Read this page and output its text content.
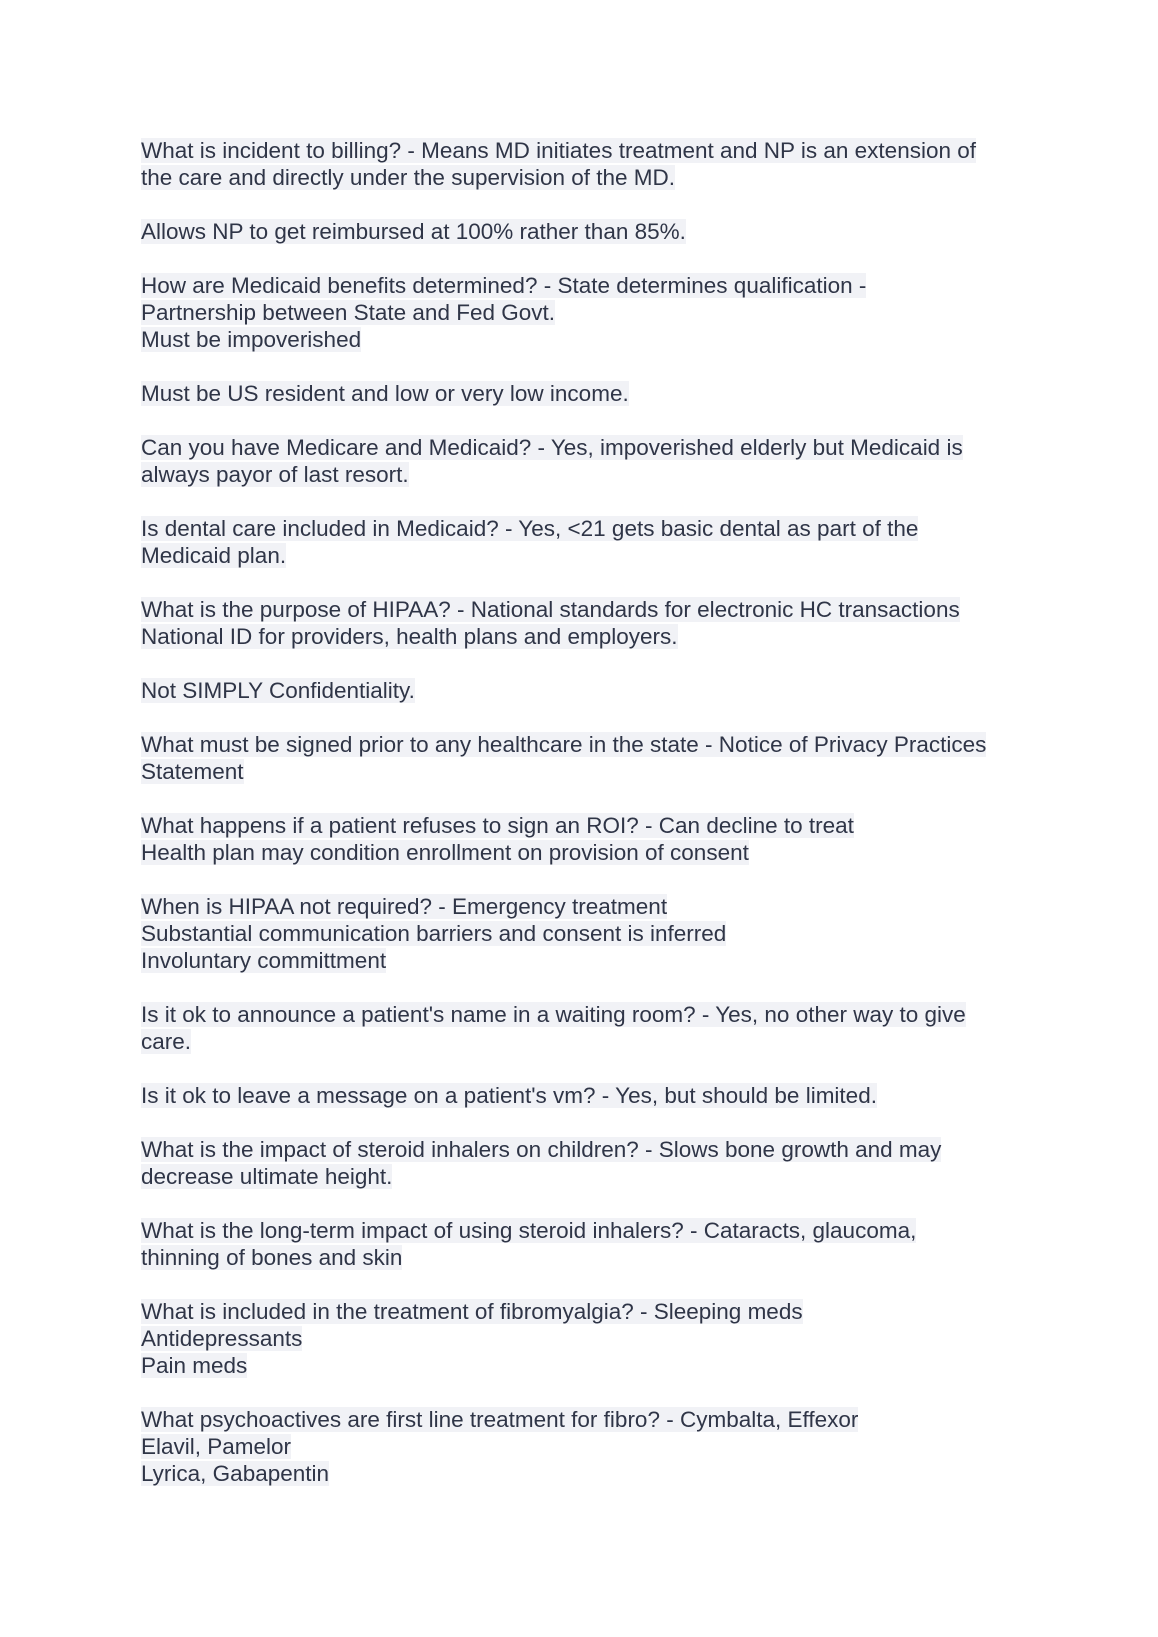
What is incident to billing? - Means MD initiates treatment and NP is an extension of
the care and directly under the supervision of the MD.

Allows NP to get reimbursed at 100% rather than 85%.

How are Medicaid benefits determined? - State determines qualification -
Partnership between State and Fed Govt.
Must be impoverished

Must be US resident and low or very low income.

Can you have Medicare and Medicaid? - Yes, impoverished elderly but Medicaid is
always payor of last resort.

Is dental care included in Medicaid? - Yes, <21 gets basic dental as part of the
Medicaid plan.

What is the purpose of HIPAA? - National standards for electronic HC transactions
National ID for providers, health plans and employers.

Not SIMPLY Confidentiality.

What must be signed prior to any healthcare in the state - Notice of Privacy Practices
Statement

What happens if a patient refuses to sign an ROI? - Can decline to treat
Health plan may condition enrollment on provision of consent

When is HIPAA not required? - Emergency treatment
Substantial communication barriers and consent is inferred
Involuntary committment

Is it ok to announce a patient's name in a waiting room? - Yes, no other way to give
care.

Is it ok to leave a message on a patient's vm? - Yes, but should be limited.

What is the impact of steroid inhalers on children? - Slows bone growth and may
decrease ultimate height.

What is the long-term impact of using steroid inhalers? - Cataracts, glaucoma,
thinning of bones and skin

What is included in the treatment of fibromyalgia? - Sleeping meds
Antidepressants
Pain meds

What psychoactives are first line treatment for fibro? - Cymbalta, Effexor
Elavil, Pamelor
Lyrica, Gabapentin
